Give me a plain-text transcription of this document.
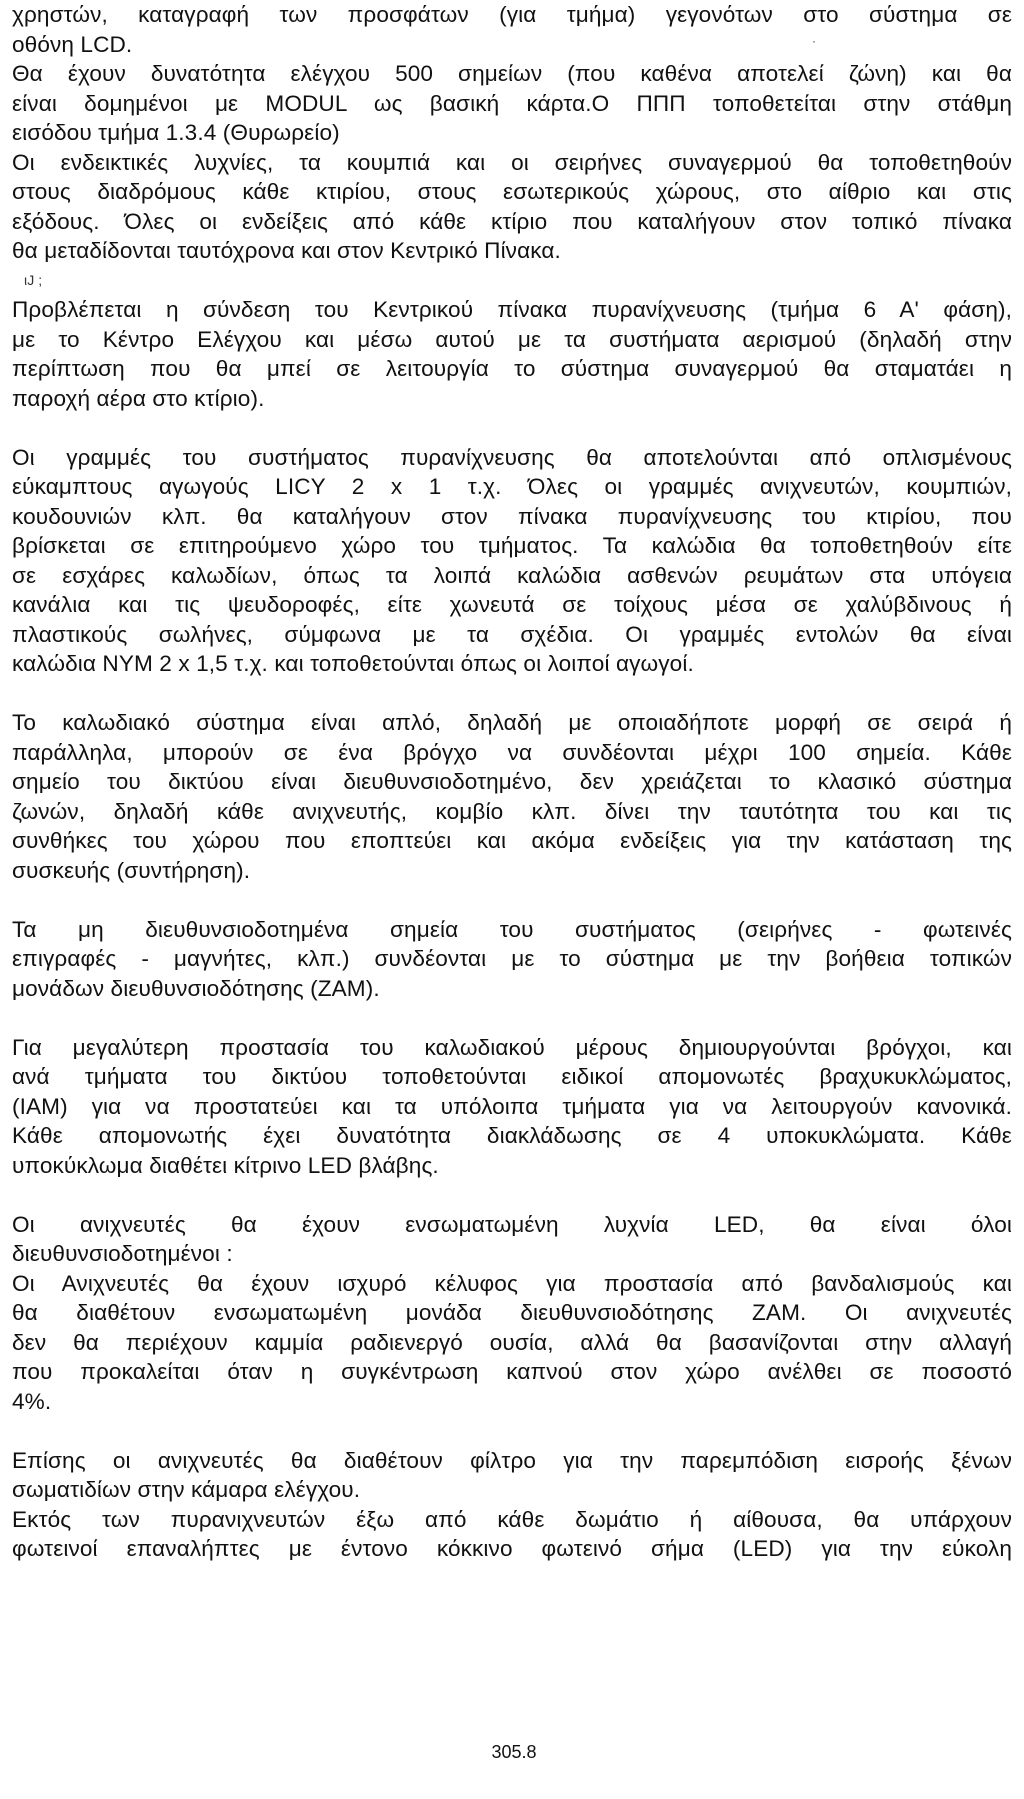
·

χρηστών, καταγραφή των προσφάτων (για τμήμα) γεγονότων στο σύστημα σε
οθόνη LCD.
Θα έχουν δυνατότητα ελέγχου 500 σημείων (που καθένα αποτελεί ζώνη) και θα
είναι δομημένοι με MODUL ως βασική κάρτα.Ο ΠΠΠ τοποθετείται στην στάθμη
εισόδου τμήμα 1.3.4 (Θυρωρείο)
Οι ενδεικτικές λυχνίες, τα κουμπιά και οι σειρήνες συναγερμού θα τοποθετηθούν
στους διαδρόμους κάθε κτιρίου, στους εσωτερικούς χώρους, στο αίθριο και στις
εξόδους. Όλες οι ενδείξεις από κάθε κτίριο που καταλήγουν στον τοπικό πίνακα
θα μεταδίδονται ταυτόχρονα και στον Κεντρικό Πίνακα.

ιJ ;

Προβλέπεται η σύνδεση του Κεντρικού πίνακα πυρανίχνευσης (τμήμα 6 Α' φάση),
με το Κέντρο Ελέγχου και μέσω αυτού με τα συστήματα αερισμού (δηλαδή στην
περίπτωση που θα μπεί σε λειτουργία το σύστημα συναγερμού θα σταματάει η
παροχή αέρα στο κτίριο).

Οι γραμμές του συστήματος πυρανίχνευσης θα αποτελούνται από οπλισμένους
εύκαμπτους αγωγούς LICY 2 x 1 τ.χ. Όλες οι γραμμές ανιχνευτών, κουμπιών,
κουδουνιών κλπ. θα καταλήγουν στον πίνακα πυρανίχνευσης του κτιρίου, που
βρίσκεται σε επιτηρούμενο χώρο του τμήματος. Τα καλώδια θα τοποθετηθούν είτε
σε εσχάρες καλωδίων, όπως τα λοιπά καλώδια ασθενών ρευμάτων στα υπόγεια
κανάλια και τις ψευδοροφές, είτε χωνευτά σε τοίχους μέσα σε χαλύβδινους ή
πλαστικούς σωλήνες, σύμφωνα με τα σχέδια. Οι γραμμές εντολών θα είναι
καλώδια ΝΥΜ 2 x 1,5 τ.χ. και τοποθετούνται όπως οι λοιποί αγωγοί.

Το καλωδιακό σύστημα είναι απλό, δηλαδή με οποιαδήποτε μορφή σε σειρά ή
παράλληλα, μπορούν σε ένα βρόγχο να συνδέονται μέχρι 100 σημεία. Κάθε
σημείο του δικτύου είναι διευθυνσιοδοτημένο, δεν χρειάζεται το κλασικό σύστημα
ζωνών, δηλαδή κάθε ανιχνευτής, κομβίο κλπ. δίνει την ταυτότητα του και τις
συνθήκες του χώρου που εποπτεύει και ακόμα ενδείξεις για την κατάσταση της
συσκευής (συντήρηση).

Τα μη διευθυνσιοδοτημένα σημεία του συστήματος (σειρήνες - φωτεινές
επιγραφές - μαγνήτες, κλπ.) συνδέονται με το σύστημα με την βοήθεια τοπικών
μονάδων διευθυνσιοδότησης (ΖΑΜ).

Για μεγαλύτερη προστασία του καλωδιακού μέρους δημιουργούνται βρόγχοι, και
ανά τμήματα του δικτύου τοποθετούνται ειδικοί απομονωτές βραχυκυκλώματος,
(ΙΑΜ) για να προστατεύει και τα υπόλοιπα τμήματα για να λειτουργούν κανονικά.
Κάθε απομονωτής έχει δυνατότητα διακλάδωσης σε 4 υποκυκλώματα. Κάθε
υποκύκλωμα διαθέτει κίτρινο LED βλάβης.

Οι ανιχνευτές θα έχουν ενσωματωμένη λυχνία LED, θα είναι όλοι
διευθυνσιοδοτημένοι :
Οι Ανιχνευτές θα έχουν ισχυρό κέλυφος για προστασία από βανδαλισμούς και
θα διαθέτουν ενσωματωμένη μονάδα διευθυνσιοδότησης ΖΑΜ. Οι ανιχνευτές
δεν θα περιέχουν καμμία ραδιενεργό ουσία, αλλά θα βασανίζονται στην αλλαγή
που προκαλείται όταν η συγκέντρωση καπνού στον χώρο ανέλθει σε ποσοστό
4%.

Επίσης οι ανιχνευτές θα διαθέτουν φίλτρο για την παρεμπόδιση εισροής ξένων
σωματιδίων στην κάμαρα ελέγχου.
Εκτός των πυρανιχνευτών έξω από κάθε δωμάτιο ή αίθουσα, θα υπάρχουν
φωτεινοί επαναλήπτες με έντονο κόκκινο φωτεινό σήμα (LED) για την εύκολη

305.8
